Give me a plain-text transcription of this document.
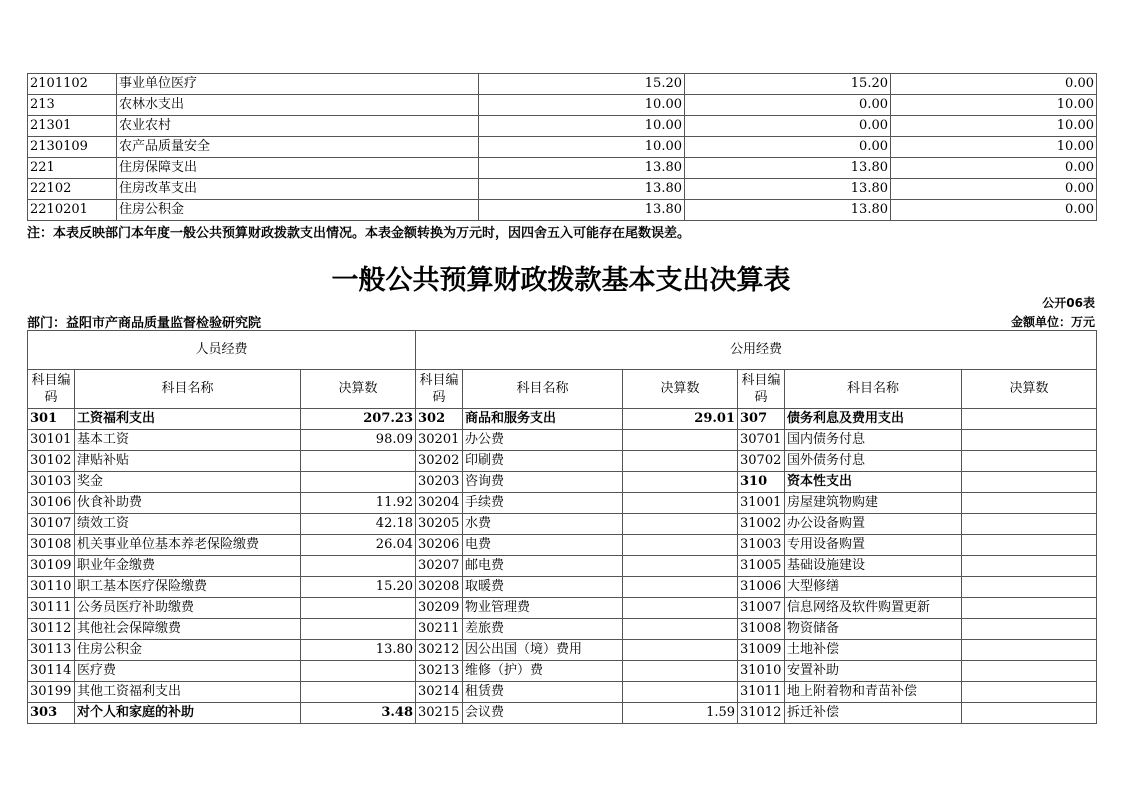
2101102	事业单位医疗	15.20	15.20	0.00
213	农林水支出	10.00	0.00	10.00
21301	农业农村	10.00	0.00	10.00
2130109	农产品质量安全	10.00	0.00	10.00
221	住房保障支出	13.80	13.80	0.00
22102	住房改革支出	13.80	13.80	0.00
2210201	住房公积金	13.80	13.80	0.00
注：本表反映部门本年度一般公共预算财政拨款支出情况。本表金额转换为万元时，因四舍五入可能存在尾数误差。
一般公共预算财政拨款基本支出决算表
公开06表
部门：益阳市产商品质量监督检验研究院	金额单位：万元
人员经费			公用经费					
科目编码	科目名称	决算数	科目编码	科目名称	决算数	科目编码	科目名称	决算数
301	工资福利支出	207.23	302	商品和服务支出	29.01	307	债务利息及费用支出	
30101	基本工资	98.09	30201	办公费		30701	国内债务付息	
30102	津贴补贴		30202	印刷费		30702	国外债务付息	
30103	奖金		30203	咨询费		310	资本性支出	
30106	伙食补助费	11.92	30204	手续费		31001	房屋建筑物购建	
30107	绩效工资	42.18	30205	水费		31002	办公设备购置	
30108	机关事业单位基本养老保险缴费	26.04	30206	电费		31003	专用设备购置	
30109	职业年金缴费		30207	邮电费		31005	基础设施建设	
30110	职工基本医疗保险缴费	15.20	30208	取暖费		31006	大型修缮	
30111	公务员医疗补助缴费		30209	物业管理费		31007	信息网络及软件购置更新	
30112	其他社会保障缴费		30211	差旅费		31008	物资储备	
30113	住房公积金	13.80	30212	因公出国（境）费用		31009	土地补偿	
30114	医疗费		30213	维修（护）费		31010	安置补助	
30199	其他工资福利支出		30214	租赁费		31011	地上附着物和青苗补偿	
303	对个人和家庭的补助	3.48	30215	会议费	1.59	31012	拆迁补偿	
